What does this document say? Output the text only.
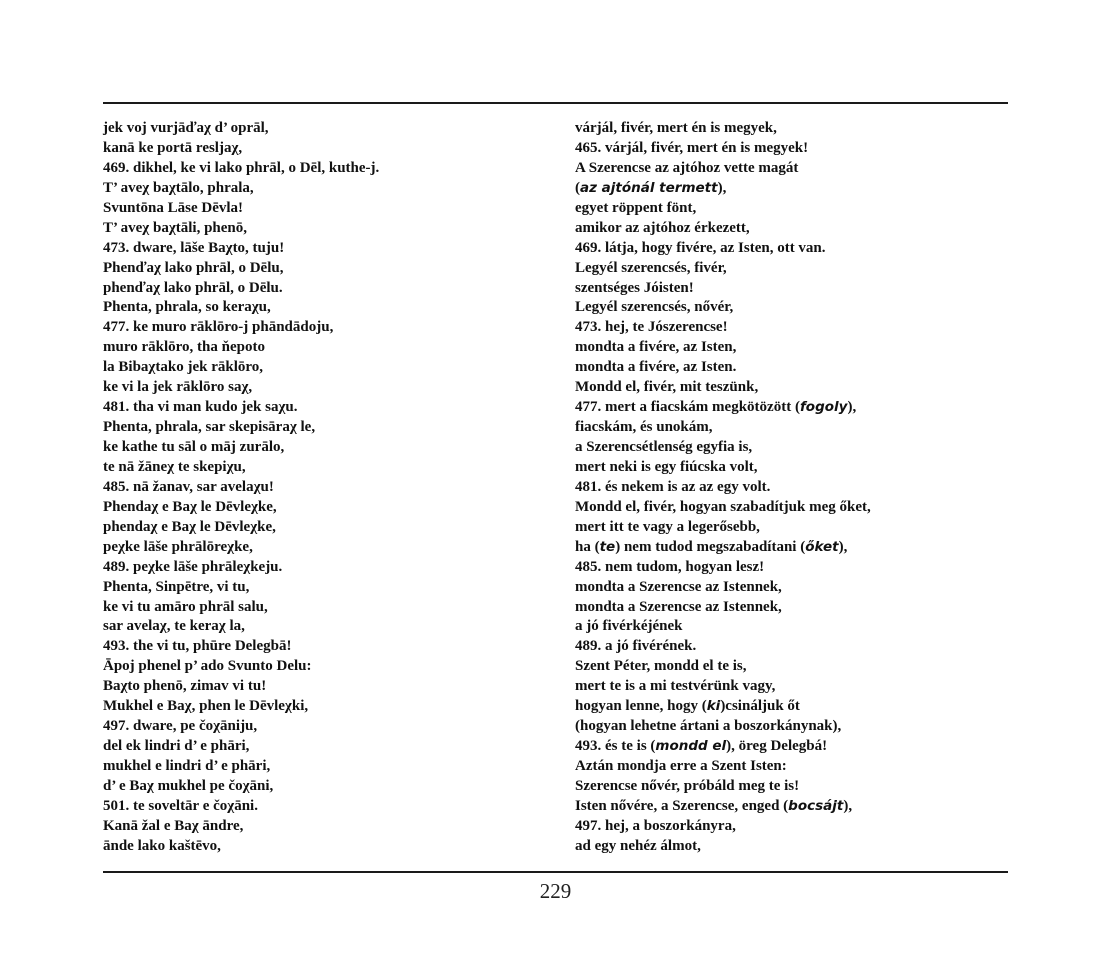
jek voj vurjāďaχ d’ oprāl,
kanā ke portā resljaχ,
469. dikhel, ke vi lako phrāl, o Dēl, kuthe-j.
T’ aveχ baχtālo, phrala,
Svuntōna Lāse Dēvla!
T’ aveχ baχtāli, phenō,
473. dware, lāše Baχto, tuju!
Phenďaχ lako phrāl, o Dēlu,
phenďaχ lako phrāl, o Dēlu.
Phenta, phrala, so keraχu,
477. ke muro rāklōro-j phāndādoju,
muro rāklōro, tha ňepoto
la Bibaχtako jek rāklōro,
ke vi la jek rāklōro saχ,
481. tha vi man kudo jek saχu.
Phenta, phrala, sar skepisāraχ le,
ke kathe tu sāl o māj zurālo,
te nā žāneχ te skepiχu,
485. nā žanav, sar avelaχu!
Phendaχ e Baχ le Dēvleχke,
phendaχ e Baχ le Dēvleχke,
peχke lāše phrālōreχke,
489. peχke lāše phrāleχkeju.
Phenta, Sinpētre, vi tu,
ke vi tu amāro phrāl salu,
sar avelaχ, te keraχ la,
493. the vi tu, phūre Delegbā!
Āpoj phenel p’ ado Svunto Delu:
Baχto phenō, zimav vi tu!
Mukhel e Baχ, phen le Dēvleχki,
497. dware, pe čoχāniju,
del ek lindri d’ e phāri,
mukhel e lindri d’ e phāri,
d’ e Baχ mukhel pe čoχāni,
501. te soveltār e čoχāni.
Kanā žal e Baχ āndre,
ānde lako kaštēvo,
várjál, fivér, mert én is megyek,
465. várjál, fivér, mert én is megyek!
A Szerencse az ajtóhoz vette magát
(az ajtónál termett),
egyet röppent fönt,
amikor az ajtóhoz érkezett,
469. látja, hogy fivére, az Isten, ott van.
Legyél szerencsés, fivér,
szentséges Jóisten!
Legyél szerencsés, nővér,
473. hej, te Jószerencse!
mondta a fivére, az Isten,
mondta a fivére, az Isten.
Mondd el, fivér, mit teszünk,
477. mert a fiacskám megkötözött (fogoly),
fiacskám, és unokám,
a Szerencsétlenség egyfia is,
mert neki is egy fiúcska volt,
481. és nekem is az az egy volt.
Mondd el, fivér, hogyan szabadítjuk meg őket,
mert itt te vagy a legerősebb,
ha (te) nem tudod megszabadítani (őket),
485. nem tudom, hogyan lesz!
mondta a Szerencse az Istennek,
mondta a Szerencse az Istennek,
a jó fivérkéjének
489. a jó fivérének.
Szent Péter, mondd el te is,
mert te is a mi testvérünk vagy,
hogyan lenne, hogy (ki)csináljuk őt
(hogyan lehetne ártani a boszorkánynak),
493. és te is (mondd el), öreg Delegbá!
Aztán mondja erre a Szent Isten:
Szerencse nővér, próbáld meg te is!
Isten nővére, a Szerencse, enged (bocsájt),
497. hej, a boszorkányra,
ad egy nehéz álmot,
229
